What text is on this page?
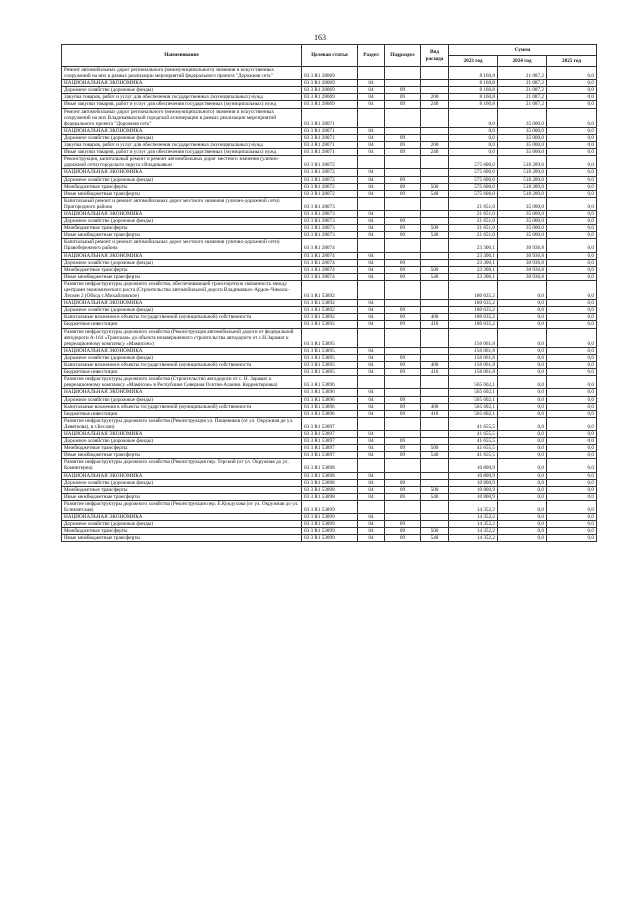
163
Наименование	Целевая статья	Раздел	Подраздел	Вид расхода	Сумма		
					2023 год	2024 год	2025 год
Ремонт автомобильных дорог регионального (межмуниципального) значения и искусственных сооружений на них в рамках реализации мероприятий федерального проекта "Дорожная сеть"	03 3 R1 28069				8 160,8	21 087,2	0,0
НАЦИОНАЛЬНАЯ ЭКОНОМИКА	03 3 R1 28069	04			8 160,8	21 087,2	0,0
Дорожное хозяйство (дорожные фонды)	03 3 R1 28069	04	09		8 160,8	21 087,2	0,0
Закупка товаров, работ и услуг для обеспечения государственных (муниципальных) нужд	03 3 R1 28069	04	09	200	8 160,8	21 087,2	0,0
Иные закупки товаров, работ и услуг для обеспечения государственных (муниципальных) нужд	03 3 R1 28069	04	09	240	8 160,8	21 087,2	0,0
Ремонт автомобильных дорог регионального (межмуниципального) значения и искусственных сооружений на них Владикавказской городской агломерации в рамках реализации мероприятий федерального проекта "Дорожная сеть"	03 3 R1 28071				0,0	35 000,0	0,0
НАЦИОНАЛЬНАЯ ЭКОНОМИКА	03 3 R1 28071	04			0,0	35 000,0	0,0
Дорожное хозяйство (дорожные фонды)	03 3 R1 28071	04	09		0,0	35 000,0	0,0
Закупка товаров, работ и услуг для обеспечения государственных (муниципальных) нужд	03 3 R1 28071	04	09	200	0,0	35 000,0	0,0
Иные закупки товаров, работ и услуг для обеспечения государственных (муниципальных) нужд	03 3 R1 28071	04	09	240	0,0	35 000,0	0,0
Реконструкция, капитальный ремонт и ремонт автомобильных дорог местного значения (улично-дорожной сети) городского округа г.Владикавказ	03 3 R1 28072				575 606,0	518 289,0	0,0
НАЦИОНАЛЬНАЯ ЭКОНОМИКА	03 3 R1 28072	04			575 606,0	518 289,0	0,0
Дорожное хозяйство (дорожные фонды)	03 3 R1 28072	04	09		575 606,0	518 289,0	0,0
Межбюджетные трансферты	03 3 R1 28072	04	09	500	575 606,0	518 289,0	0,0
Иные межбюджетные трансферты	03 3 R1 28072	04	09	540	575 606,0	518 289,0	0,0
Капитальный ремонт и ремонт автомобильных дорог местного значения (улично-дорожной сети) Пригородного района	03 3 R1 28073				21 651,0	35 000,0	0,0
НАЦИОНАЛЬНАЯ ЭКОНОМИКА	03 3 R1 28073	04			21 651,0	35 000,0	0,0
Дорожное хозяйство (дорожные фонды)	03 3 R1 28073	04	09		21 651,0	35 000,0	0,0
Межбюджетные трансферты	03 3 R1 28073	04	09	500	21 651,0	35 000,0	0,0
Иные межбюджетные трансферты	03 3 R1 28073	04	09	540	21 651,0	35 000,0	0,0
Капитальный ремонт и ремонт автомобильных дорог местного значения (улично-дорожной сети) Правобережного района	03 3 R1 28074				23 300,1	30 936,8	0,0
НАЦИОНАЛЬНАЯ ЭКОНОМИКА	03 3 R1 28074	04			23 300,1	30 936,8	0,0
Дорожное хозяйство (дорожные фонды)	03 3 R1 28074	04	09		23 300,1	30 936,8	0,0
Межбюджетные трансферты	03 3 R1 28074	04	09	500	23 300,1	30 936,8	0,0
Иные межбюджетные трансферты	03 3 R1 28074	04	09	540	23 300,1	30 936,8	0,0
Развитие инфраструктуры дорожного хозяйства, обеспечивающей транспортную связанность между центрами экономического роста (Строительство автомобильной дороги Владикавказ–Ардон–Чикола–Лескен 2 (Обход с.Михайловское)	03 3 R1 53892				180 635,2	0,0	0,0
НАЦИОНАЛЬНАЯ ЭКОНОМИКА	03 3 R1 53892	04			180 635,2	0,0	0,0
Дорожное хозяйство (дорожные фонды)	03 3 R1 53892	04	09		180 635,2	0,0	0,0
Капитальные вложения в объекты государственной (муниципальной) собственности	03 3 R1 53892	04	09	400	180 635,2	0,0	0,0
Бюджетные инвестиции	03 3 R1 53892	04	09	410	180 635,2	0,0	0,0
Развитие инфраструктуры дорожного хозяйства (Реконструкция автомобильной дороги от федеральной автодороги А-164 «Транскам» до объекта незавершенного строительства автодороги от с.Н.Зарамаг к рекреационному комплексу «Мамисон»)	03 3 R1 53895				156 061,8	0,0	0,0
НАЦИОНАЛЬНАЯ ЭКОНОМИКА	03 3 R1 53895	04			156 061,8	0,0	0,0
Дорожное хозяйство (дорожные фонды)	03 3 R1 53895	04	09		156 061,8	0,0	0,0
Капитальные вложения в объекты государственной (муниципальной) собственности	03 3 R1 53895	04	09	400	156 061,8	0,0	0,0
Бюджетные инвестиции	03 3 R1 53895	04	09	410	156 061,8	0,0	0,0
Развитие инфраструктуры дорожного хозяйства (Строительство автодороги от с. Н. Зарамаг к рекреационному комплексу «Мамисон» в Республике Северная Осетия-Алания. Корректировка)	03 3 R1 53896				565 602,1	0,0	0,0
НАЦИОНАЛЬНАЯ ЭКОНОМИКА	03 3 R1 53896	04			565 602,1	0,0	0,0
Дорожное хозяйство (дорожные фонды)	03 3 R1 53896	04	09		565 602,1	0,0	0,0
Капитальные вложения в объекты государственной (муниципальной) собственности	03 3 R1 53896	04	09	400	565 602,1	0,0	0,0
Бюджетные инвестиции	03 3 R1 53896	04	09	410	565 602,1	0,0	0,0
Развитие инфраструктуры дорожного хозяйства (Реконструкция ул. Пищевиков (от ул. Окружная до ул. Девяткова), в г.Беслан)	03 3 R1 53897				41 655,5	0,0	0,0
НАЦИОНАЛЬНАЯ ЭКОНОМИКА	03 3 R1 53897	04			41 655,5	0,0	0,0
Дорожное хозяйство (дорожные фонды)	03 3 R1 53897	04	09		41 655,5	0,0	0,0
Межбюджетные трансферты	03 3 R1 53897	04	09	500	41 655,5	0,0	0,0
Иные межбюджетные трансферты	03 3 R1 53897	04	09	540	41 655,5	0,0	0,0
Развитие инфраструктуры дорожного хозяйства (Реконструкция пер. Терский (от ул. Окружная до ул. Коминтерна)	03 3 R1 53898				10 800,9	0,0	0,0
НАЦИОНАЛЬНАЯ ЭКОНОМИКА	03 3 R1 53898	04			10 800,9	0,0	0,0
Дорожное хозяйство (дорожные фонды)	03 3 R1 53898	04	09		10 800,9	0,0	0,0
Межбюджетные трансферты	03 3 R1 53898	04	09	500	10 800,9	0,0	0,0
Иные межбюджетные трансферты	03 3 R1 53898	04	09	540	10 800,9	0,0	0,0
Развитие инфраструктуры дорожного хозяйства (Реконструкция пер. Е.Кундухова (от ул. Окружная до ул. Есиноятская)	03 3 R1 53899				14 352,2	0,0	0,0
НАЦИОНАЛЬНАЯ ЭКОНОМИКА	03 3 R1 53899	04			14 352,2	0,0	0,0
Дорожное хозяйство (дорожные фонды)	03 3 R1 53899	04	09		14 352,2	0,0	0,0
Межбюджетные трансферты	03 3 R1 53899	04	09	500	14 352,2	0,0	0,0
Иные межбюджетные трансферты	03 3 R1 53899	04	09	540	14 352,2	0,0	0,0
